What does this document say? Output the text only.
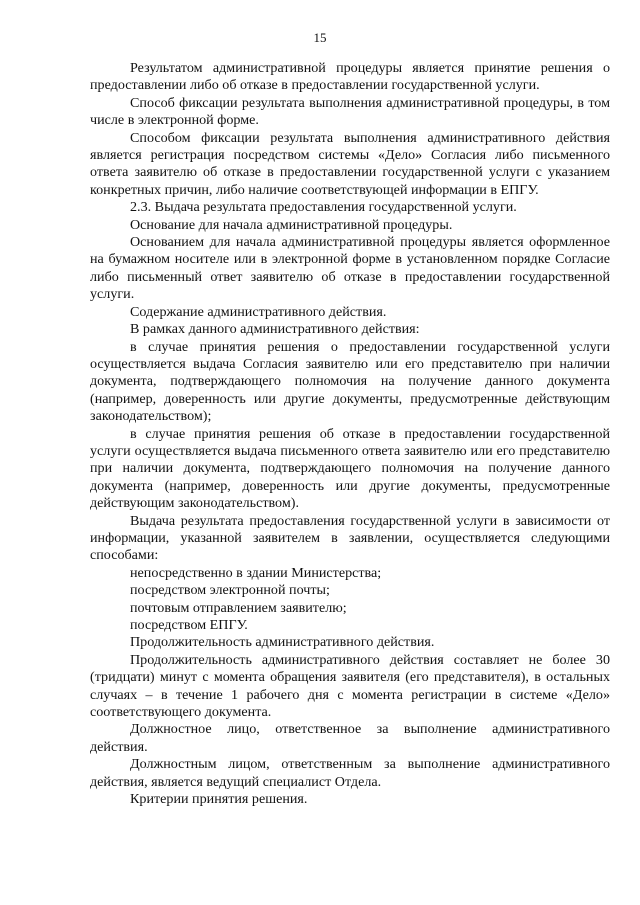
15

Результатом административной процедуры является принятие решения о предоставлении либо об отказе в предоставлении государственной услуги.

Способ фиксации результата выполнения административной процедуры, в том числе в электронной форме.

Способом фиксации результата выполнения административного действия является регистрация посредством системы «Дело» Согласия либо письменного ответа заявителю об отказе в предоставлении государственной услуги с указанием конкретных причин, либо наличие соответствующей информации в ЕПГУ.

2.3. Выдача результата предоставления государственной услуги.

Основание для начала административной процедуры.

Основанием для начала административной процедуры является оформленное на бумажном носителе или в электронной форме в установленном порядке Согласие либо письменный ответ заявителю об отказе в предоставлении государственной услуги.

Содержание административного действия.

В рамках данного административного действия:

в случае принятия решения о предоставлении государственной услуги осуществляется выдача Согласия заявителю или его представителю при наличии документа, подтверждающего полномочия на получение данного документа (например, доверенность или другие документы, предусмотренные действующим законодательством);

в случае принятия решения об отказе в предоставлении государственной услуги осуществляется выдача письменного ответа заявителю или его представителю при наличии документа, подтверждающего полномочия на получение данного документа (например, доверенность или другие документы, предусмотренные действующим законодательством).

Выдача результата предоставления государственной услуги в зависимости от информации, указанной заявителем в заявлении, осуществляется следующими способами:

непосредственно в здании Министерства;

посредством электронной почты;

почтовым отправлением заявителю;

посредством ЕПГУ.

Продолжительность административного действия.

Продолжительность административного действия составляет не более 30 (тридцати) минут с момента обращения заявителя (его представителя), в остальных случаях – в течение 1 рабочего дня с момента регистрации в системе «Дело» соответствующего документа.

Должностное лицо, ответственное за выполнение административного действия.

Должностным лицом, ответственным за выполнение административного действия, является ведущий специалист Отдела.

Критерии принятия решения.
